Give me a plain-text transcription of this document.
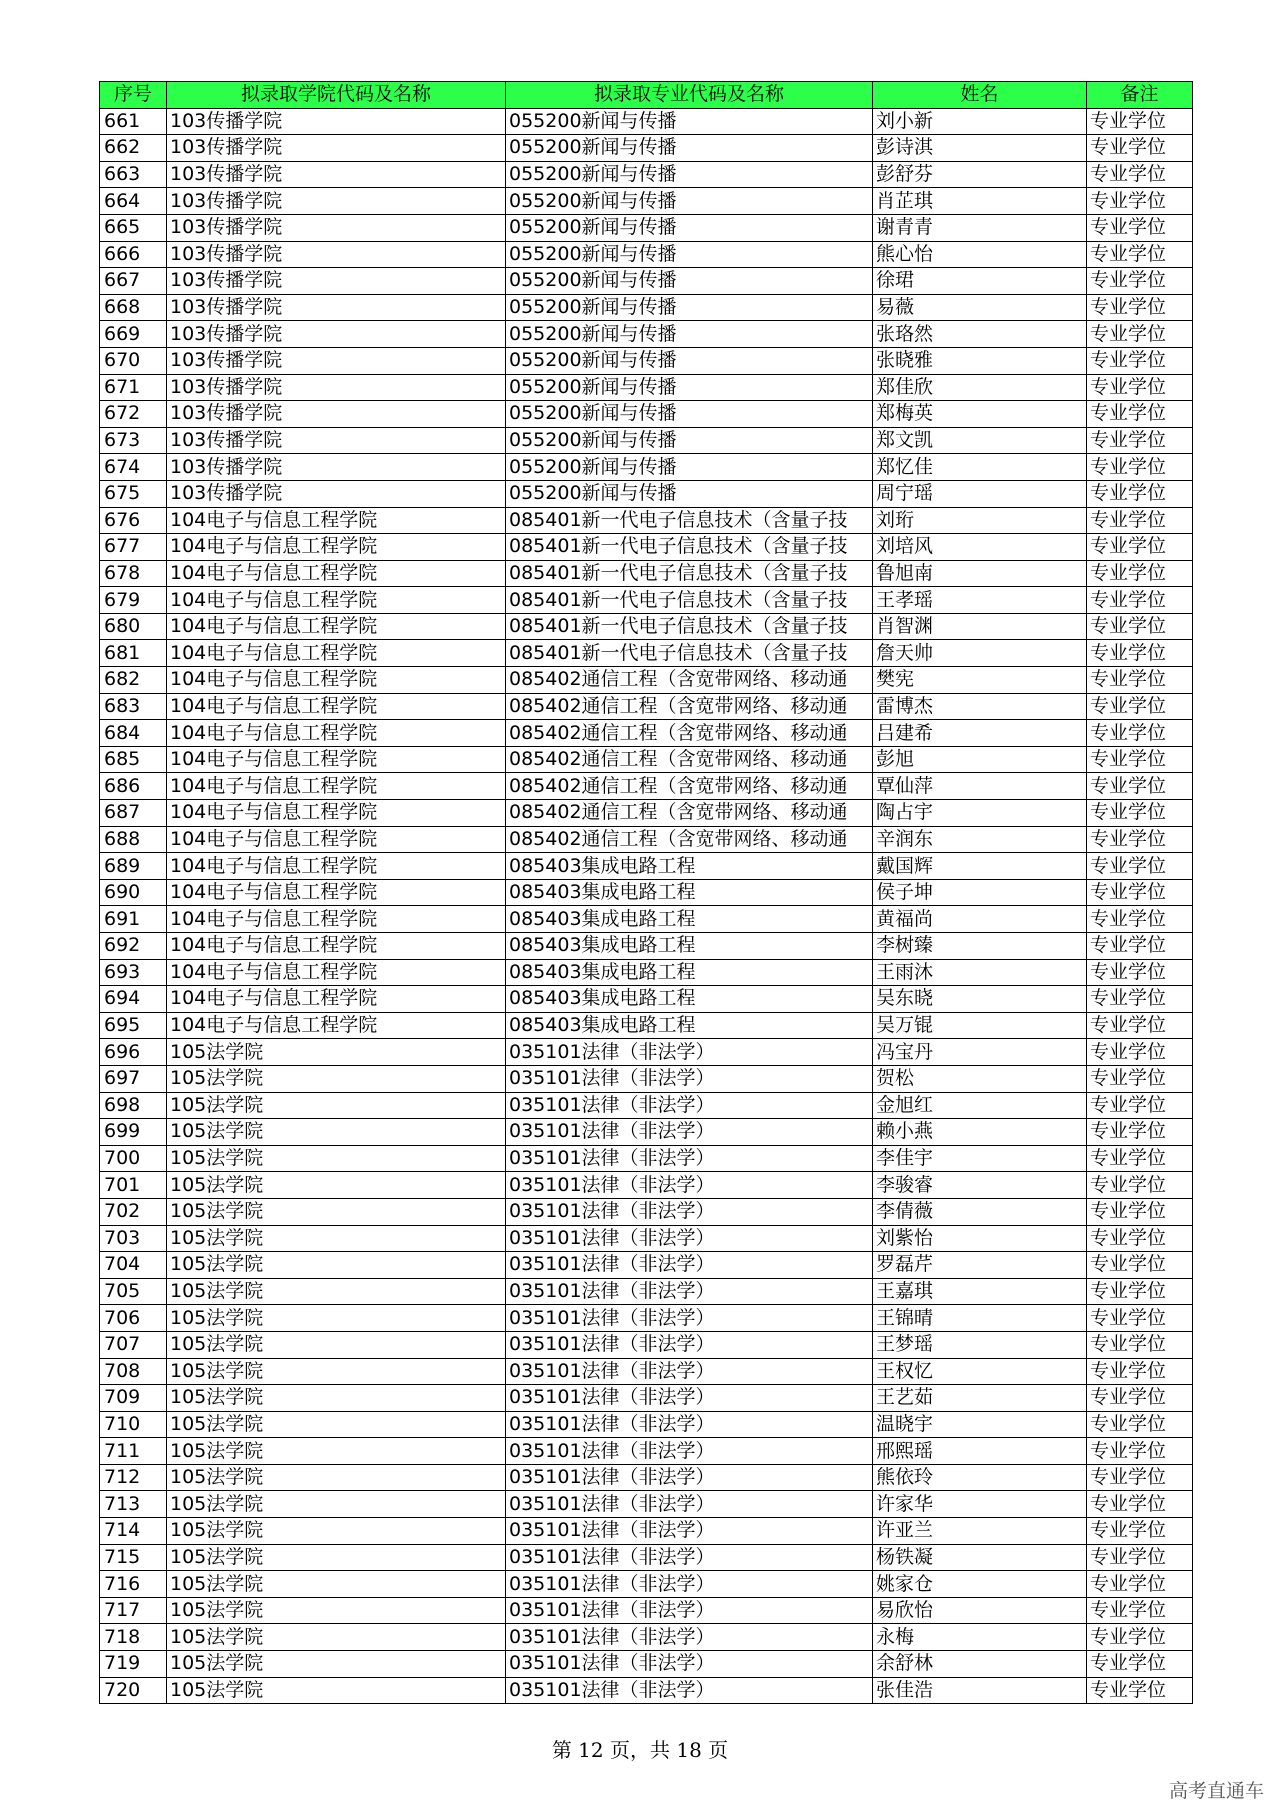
序号	拟录取学院代码及名称	拟录取专业代码及名称	姓名	备注
661	103传播学院	055200新闻与传播	刘小新	专业学位
662	103传播学院	055200新闻与传播	彭诗淇	专业学位
663	103传播学院	055200新闻与传播	彭舒芬	专业学位
664	103传播学院	055200新闻与传播	肖芷琪	专业学位
665	103传播学院	055200新闻与传播	谢青青	专业学位
666	103传播学院	055200新闻与传播	熊心怡	专业学位
667	103传播学院	055200新闻与传播	徐珺	专业学位
668	103传播学院	055200新闻与传播	易薇	专业学位
669	103传播学院	055200新闻与传播	张珞然	专业学位
670	103传播学院	055200新闻与传播	张晓雅	专业学位
671	103传播学院	055200新闻与传播	郑佳欣	专业学位
672	103传播学院	055200新闻与传播	郑梅英	专业学位
673	103传播学院	055200新闻与传播	郑文凯	专业学位
674	103传播学院	055200新闻与传播	郑忆佳	专业学位
675	103传播学院	055200新闻与传播	周宁瑶	专业学位
676	104电子与信息工程学院	085401新一代电子信息技术（含量子技	刘珩	专业学位
677	104电子与信息工程学院	085401新一代电子信息技术（含量子技	刘培风	专业学位
678	104电子与信息工程学院	085401新一代电子信息技术（含量子技	鲁旭南	专业学位
679	104电子与信息工程学院	085401新一代电子信息技术（含量子技	王孝瑶	专业学位
680	104电子与信息工程学院	085401新一代电子信息技术（含量子技	肖智渊	专业学位
681	104电子与信息工程学院	085401新一代电子信息技术（含量子技	詹天帅	专业学位
682	104电子与信息工程学院	085402通信工程（含宽带网络、移动通	樊宪	专业学位
683	104电子与信息工程学院	085402通信工程（含宽带网络、移动通	雷博杰	专业学位
684	104电子与信息工程学院	085402通信工程（含宽带网络、移动通	吕建希	专业学位
685	104电子与信息工程学院	085402通信工程（含宽带网络、移动通	彭旭	专业学位
686	104电子与信息工程学院	085402通信工程（含宽带网络、移动通	覃仙萍	专业学位
687	104电子与信息工程学院	085402通信工程（含宽带网络、移动通	陶占宇	专业学位
688	104电子与信息工程学院	085402通信工程（含宽带网络、移动通	辛润东	专业学位
689	104电子与信息工程学院	085403集成电路工程	戴国辉	专业学位
690	104电子与信息工程学院	085403集成电路工程	侯子坤	专业学位
691	104电子与信息工程学院	085403集成电路工程	黄福尚	专业学位
692	104电子与信息工程学院	085403集成电路工程	李树臻	专业学位
693	104电子与信息工程学院	085403集成电路工程	王雨沐	专业学位
694	104电子与信息工程学院	085403集成电路工程	吴东晓	专业学位
695	104电子与信息工程学院	085403集成电路工程	吴万锟	专业学位
696	105法学院	035101法律（非法学）	冯宝丹	专业学位
697	105法学院	035101法律（非法学）	贺松	专业学位
698	105法学院	035101法律（非法学）	金旭红	专业学位
699	105法学院	035101法律（非法学）	赖小燕	专业学位
700	105法学院	035101法律（非法学）	李佳宇	专业学位
701	105法学院	035101法律（非法学）	李骏睿	专业学位
702	105法学院	035101法律（非法学）	李倩薇	专业学位
703	105法学院	035101法律（非法学）	刘紫怡	专业学位
704	105法学院	035101法律（非法学）	罗磊芹	专业学位
705	105法学院	035101法律（非法学）	王嘉琪	专业学位
706	105法学院	035101法律（非法学）	王锦晴	专业学位
707	105法学院	035101法律（非法学）	王梦瑶	专业学位
708	105法学院	035101法律（非法学）	王权忆	专业学位
709	105法学院	035101法律（非法学）	王艺茹	专业学位
710	105法学院	035101法律（非法学）	温晓宇	专业学位
711	105法学院	035101法律（非法学）	邢熙瑶	专业学位
712	105法学院	035101法律（非法学）	熊依玲	专业学位
713	105法学院	035101法律（非法学）	许家华	专业学位
714	105法学院	035101法律（非法学）	许亚兰	专业学位
715	105法学院	035101法律（非法学）	杨铁凝	专业学位
716	105法学院	035101法律（非法学）	姚家仓	专业学位
717	105法学院	035101法律（非法学）	易欣怡	专业学位
718	105法学院	035101法律（非法学）	永梅	专业学位
719	105法学院	035101法律（非法学）	余舒林	专业学位
720	105法学院	035101法律（非法学）	张佳浩	专业学位
第 12 页，共 18 页
高考直通车
